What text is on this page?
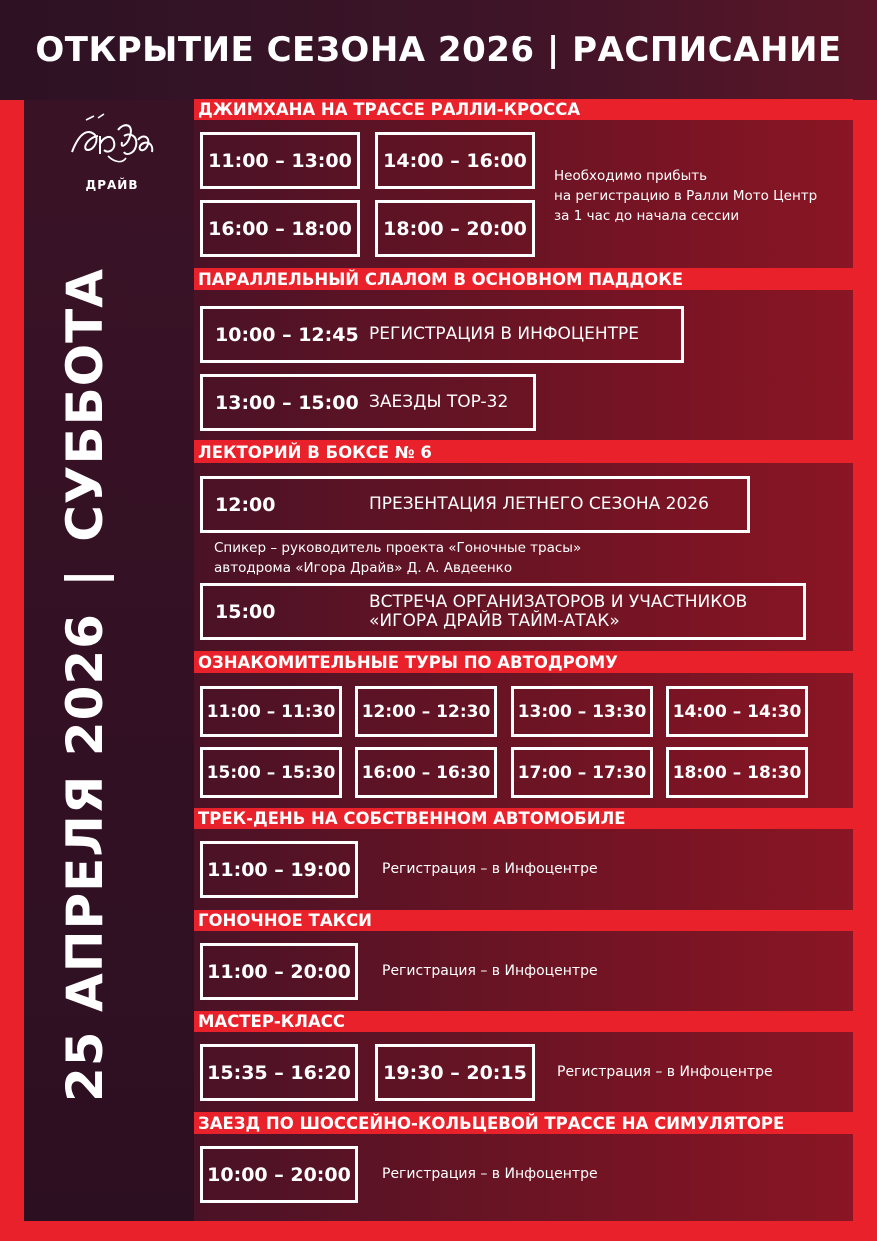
ОТКРЫТИЕ СЕЗОНА 2026 | РАСПИСАНИЕ
ДРАЙВ
25 АПРЕЛЯ 2026|СУББОТА
ДЖИМХАНА НА ТРАССЕ РАЛЛИ-КРОССА
11:00 – 13:00 14:00 – 16:00
16:00 – 18:00 18:00 – 20:00
Необходимо прибыть
на регистрацию в Ралли Мото Центр
за 1 час до начала сессии
ПАРАЛЛЕЛЬНЫЙ СЛАЛОМ В ОСНОВНОМ ПАДДОКЕ
10:00 – 12:45 РЕГИСТРАЦИЯ В ИНФОЦЕНТРЕ
13:00 – 15:00 ЗАЕЗДЫ TOP-32
ЛЕКТОРИЙ В БОКСЕ № 6
12:00	ПРЕЗЕНТАЦИЯ ЛЕТНЕГО СЕЗОНА 2026
Спикер – руководитель проекта «Гоночные трасы»
автодрома «Игора Драйв» Д. А. Авдеенко
15:00	ВСТРЕЧА ОРГАНИЗАТОРОВ И УЧАСТНИКОВ
«ИГОРА ДРАЙВ ТАЙМ-АТАК»
ОЗНАКОМИТЕЛЬНЫЕ ТУРЫ ПО АВТОДРОМУ
11:00 – 11:30 12:00 – 12:30 13:00 – 13:30 14:00 – 14:30
15:00 – 15:30 16:00 – 16:30 17:00 – 17:30 18:00 – 18:30
ТРЕК-ДЕНЬ НА СОБСТВЕННОМ АВТОМОБИЛЕ
11:00 – 19:00 Регистрация – в Инфоцентре
ГОНОЧНОЕ ТАКСИ
11:00 – 20:00 Регистрация – в Инфоцентре
МАСТЕР-КЛАСС
15:35 – 16:20 19:30 – 20:15	Регистрация – в Инфоцентре
ЗАЕЗД ПО ШОССЕЙНО-КОЛЬЦЕВОЙ ТРАССЕ НА СИМУЛЯТОРЕ
10:00 – 20:00 Регистрация – в Инфоцентре
